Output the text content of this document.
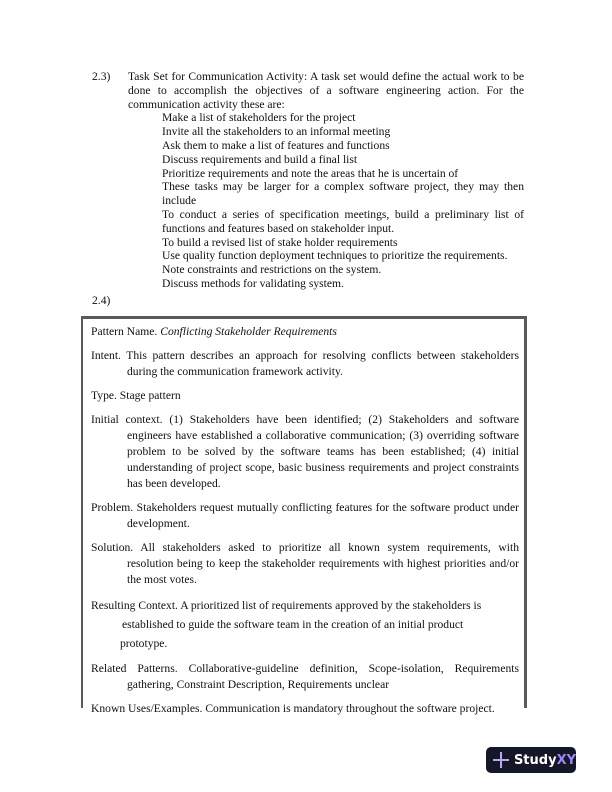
2.3) Task Set for Communication Activity: A task set would define the actual work to be done to accomplish the objectives of a software engineering action. For the communication activity these are:
Make a list of stakeholders for the project
Invite all the stakeholders to an informal meeting
Ask them to make a list of features and functions
Discuss requirements and build a final list
Prioritize requirements and note the areas that he is uncertain of
These tasks may be larger for a complex software project, they may then include
To conduct a series of specification meetings, build a preliminary list of functions and features based on stakeholder input.
To build a revised list of stake holder requirements
Use quality function deployment techniques to prioritize the requirements.
Note constraints and restrictions on the system.
Discuss methods for validating system.
2.4)
Pattern Name. Conflicting Stakeholder Requirements
Intent. This pattern describes an approach for resolving conflicts between stakeholders during the communication framework activity.
Type. Stage pattern
Initial context. (1) Stakeholders have been identified; (2) Stakeholders and software engineers have established a collaborative communication; (3) overriding software problem to be solved by the software teams has been established; (4) initial understanding of project scope, basic business requirements and project constraints has been developed.
Problem. Stakeholders request mutually conflicting features for the software product under development.
Solution. All stakeholders asked to prioritize all known system requirements, with resolution being to keep the stakeholder requirements with highest priorities and/or the most votes.
Resulting Context. A prioritized list of requirements approved by the stakeholders is
established to guide the software team in the creation of an initial product
prototype.
Related Patterns. Collaborative-guideline definition, Scope-isolation, Requirements gathering, Constraint Description, Requirements unclear
Known Uses/Examples. Communication is mandatory throughout the software project.
StudyXY
